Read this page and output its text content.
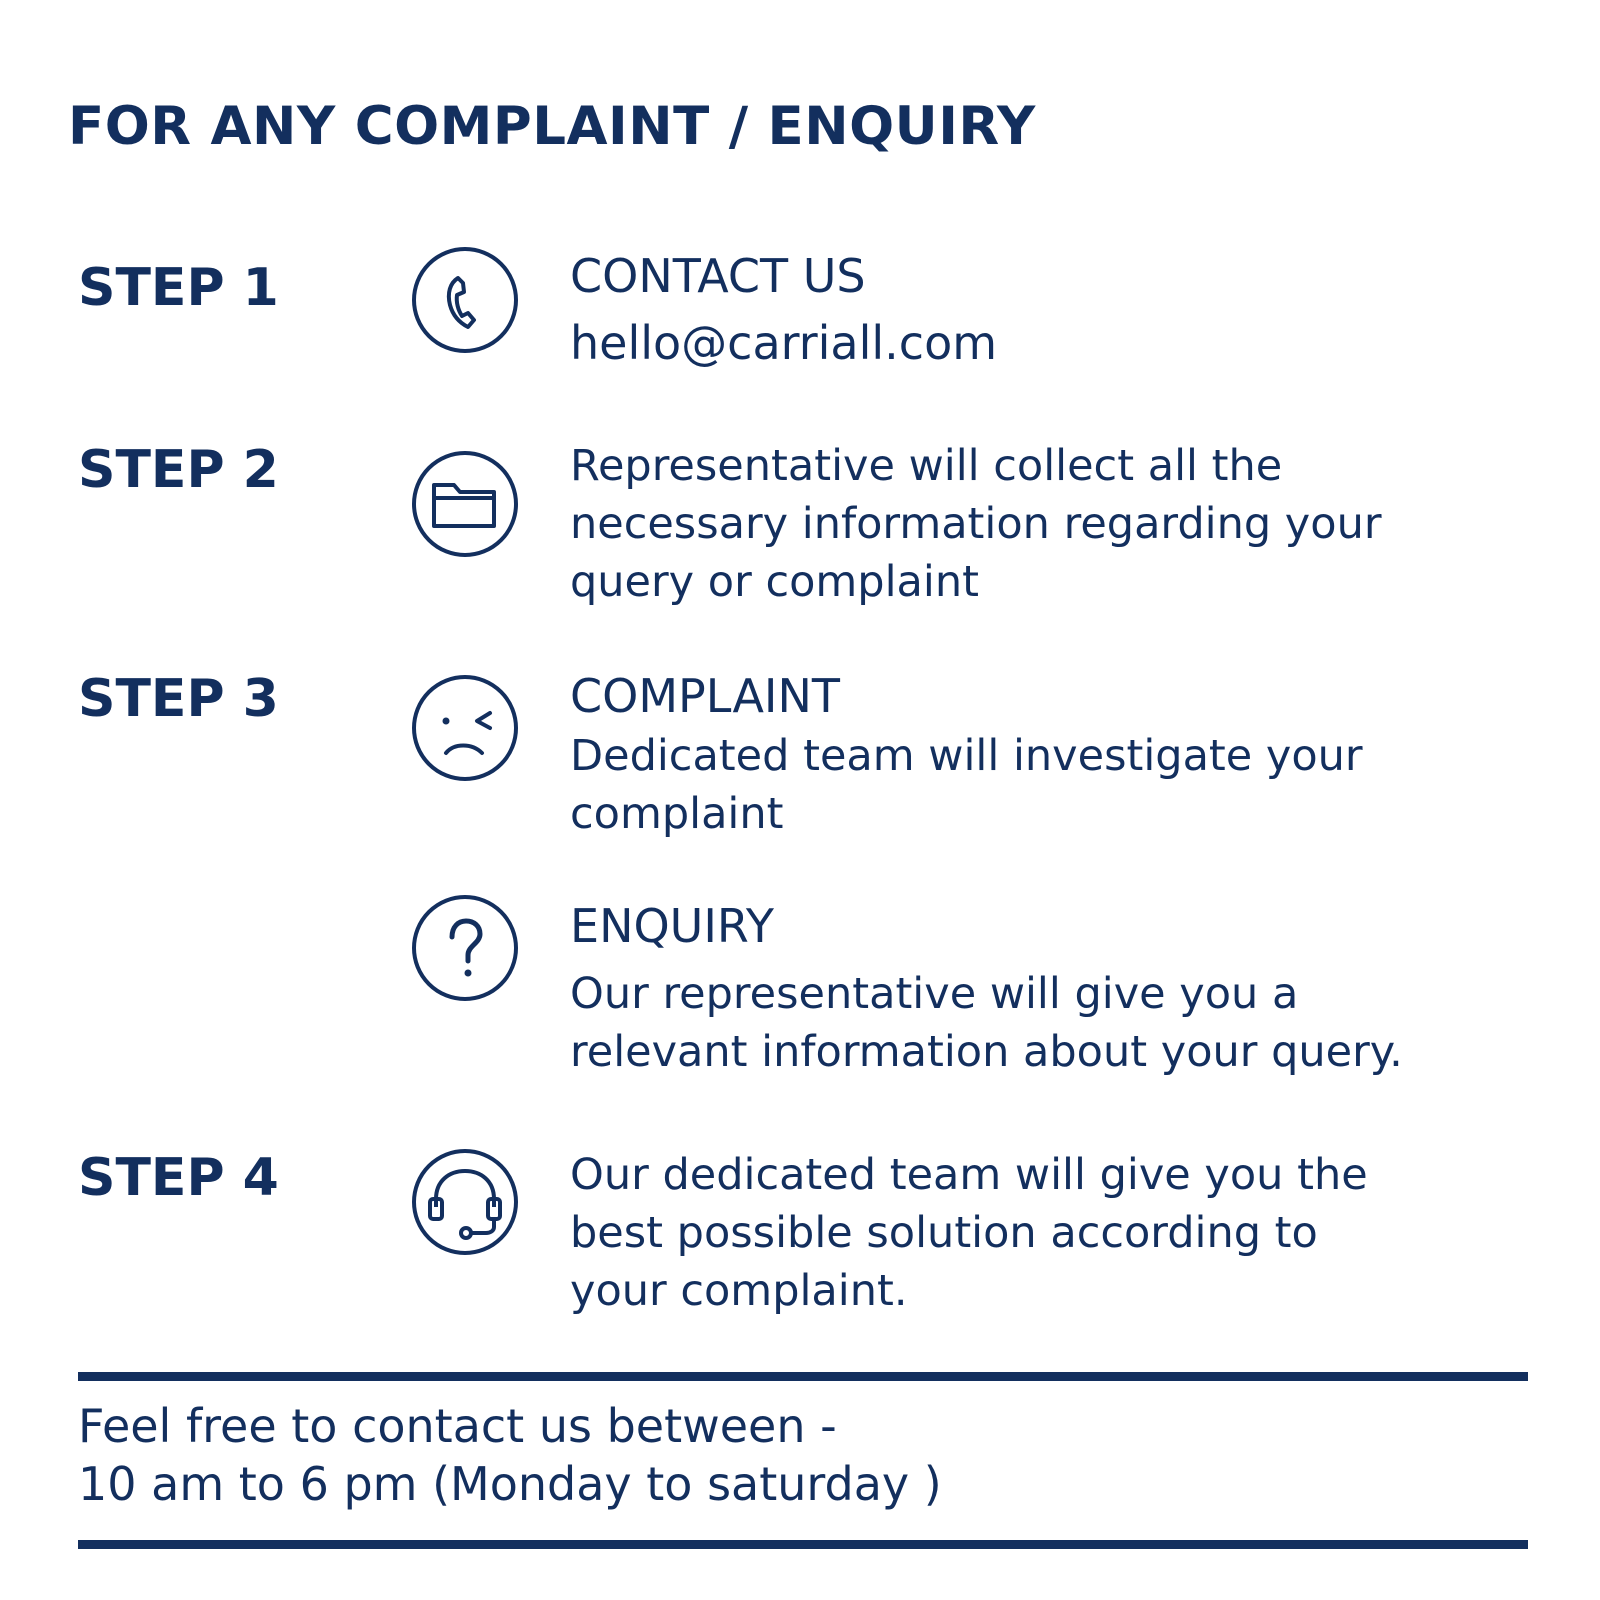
FOR ANY COMPLAINT / ENQUIRY
STEP 1	CONTACT US
hello@carriall.com
STEP 2	Representative will collect all the
necessary information regarding your
query or complaint
STEP 3	COMPLAINT
Dedicated team will investigate your
complaint
ENQUIRY
Our representative will give you a
relevant information about your query.
STEP 4	Our dedicated team will give you the
best possible solution according to
your complaint.
Feel free to contact us between -
10 am to 6 pm (Monday to saturday )
